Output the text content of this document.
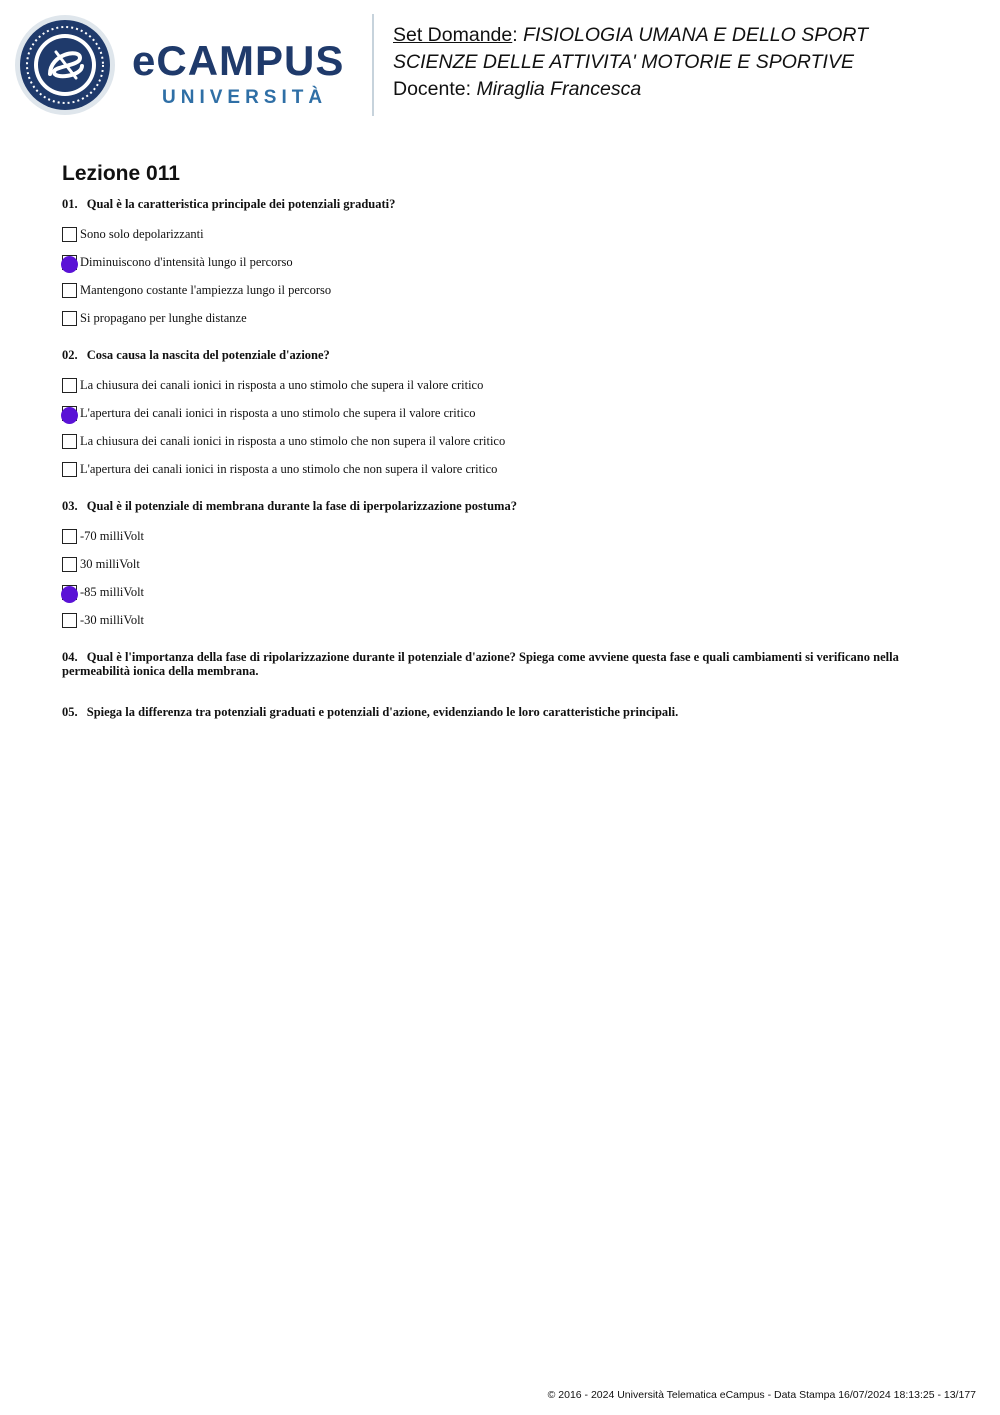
eCAMPUS
UNIVERSITÀ
Set Domande: FISIOLOGIA UMANA E DELLO SPORT
SCIENZE DELLE ATTIVITA' MOTORIE E SPORTIVE
Docente: Miraglia Francesca
Lezione 011
01. Qual è la caratteristica principale dei potenziali graduati?
Sono solo depolarizzanti
Diminuiscono d'intensità lungo il percorso
Mantengono costante l'ampiezza lungo il percorso
Si propagano per lunghe distanze
02. Cosa causa la nascita del potenziale d'azione?
La chiusura dei canali ionici in risposta a uno stimolo che supera il valore critico
L'apertura dei canali ionici in risposta a uno stimolo che supera il valore critico
La chiusura dei canali ionici in risposta a uno stimolo che non supera il valore critico
L'apertura dei canali ionici in risposta a uno stimolo che non supera il valore critico
03. Qual è il potenziale di membrana durante la fase di iperpolarizzazione postuma?
-70 milliVolt
30 milliVolt
-85 milliVolt
-30 milliVolt
04. Qual è l'importanza della fase di ripolarizzazione durante il potenziale d'azione? Spiega come avviene questa fase e quali cambiamenti si verificano nella permeabilità ionica della membrana.
05. Spiega la differenza tra potenziali graduati e potenziali d'azione, evidenziando le loro caratteristiche principali.
© 2016 - 2024 Università Telematica eCampus - Data Stampa 16/07/2024 18:13:25 - 13/177
